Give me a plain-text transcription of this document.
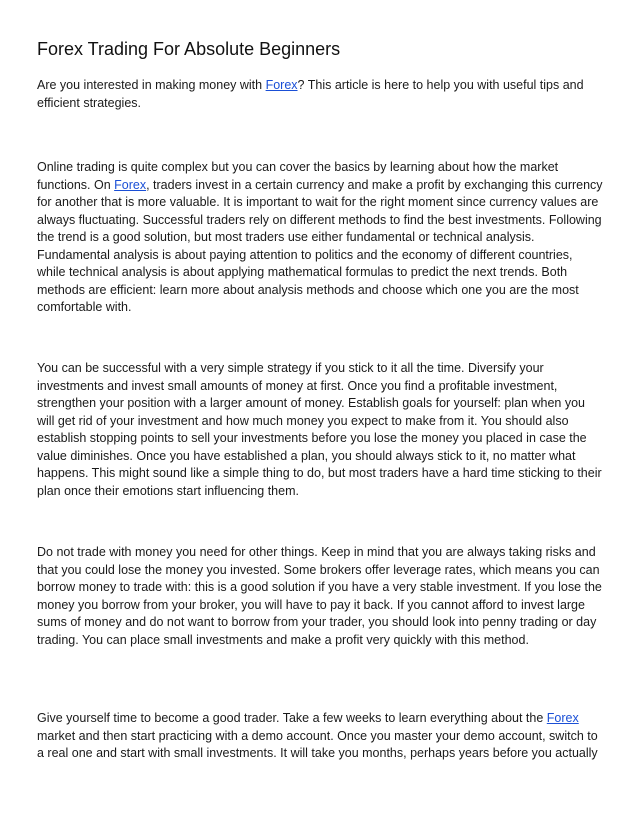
Forex Trading For Absolute Beginners

Are you interested in making money with Forex? This article is here to help you with useful tips and efficient strategies.

Online trading is quite complex but you can cover the basics by learning about how the market functions. On Forex, traders invest in a certain currency and make a profit by exchanging this currency for another that is more valuable. It is important to wait for the right moment since currency values are always fluctuating. Successful traders rely on different methods to find the best investments. Following the trend is a good solution, but most traders use either fundamental or technical analysis. Fundamental analysis is about paying attention to politics and the economy of different countries, while technical analysis is about applying mathematical formulas to predict the next trends. Both methods are efficient: learn more about analysis methods and choose which one you are the most comfortable with.

You can be successful with a very simple strategy if you stick to it all the time. Diversify your investments and invest small amounts of money at first. Once you find a profitable investment, strengthen your position with a larger amount of money. Establish goals for yourself: plan when you will get rid of your investment and how much money you expect to make from it. You should also establish stopping points to sell your investments before you lose the money you placed in case the value diminishes. Once you have established a plan, you should always stick to it, no matter what happens. This might sound like a simple thing to do, but most traders have a hard time sticking to their plan once their emotions start influencing them.

Do not trade with money you need for other things. Keep in mind that you are always taking risks and that you could lose the money you invested. Some brokers offer leverage rates, which means you can borrow money to trade with: this is a good solution if you have a very stable investment. If you lose the money you borrow from your broker, you will have to pay it back. If you cannot afford to invest large sums of money and do not want to borrow from your trader, you should look into penny trading or day trading. You can place small investments and make a profit very quickly with this method.

Give yourself time to become a good trader. Take a few weeks to learn everything about the Forex market and then start practicing with a demo account. Once you master your demo account, switch to a real one and start with small investments. It will take you months, perhaps years before you actually
